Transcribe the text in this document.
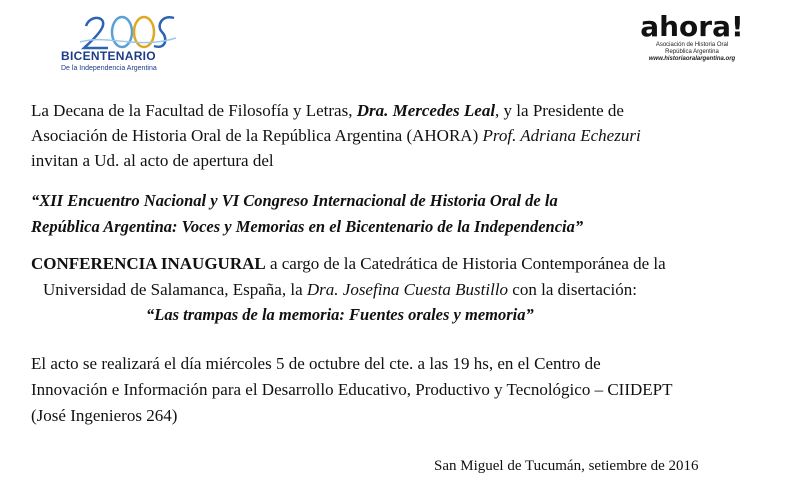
BICENTENARIO
De la Independencia Argentina
ahora!
Asociación de Historia Oral
República Argentina
www.historiaoralargentina.org
La Decana de la Facultad de Filosofía y Letras, Dra. Mercedes Leal, y la Presidente de
Asociación de Historia Oral de la República Argentina (AHORA) Prof. Adriana Echezuri
invitan a Ud. al acto de apertura del
“XII Encuentro Nacional y VI Congreso Internacional de Historia Oral de la
República Argentina: Voces y Memorias en el Bicentenario de la Independencia”
CONFERENCIA INAUGURAL a cargo de la Catedrática de Historia Contemporánea de la
Universidad de Salamanca, España, la Dra. Josefina Cuesta Bustillo con la disertación:
“Las trampas de la memoria: Fuentes orales y memoria”
El acto se realizará el día miércoles 5 de octubre del cte. a las 19 hs, en el Centro de
Innovación e Información para el Desarrollo Educativo, Productivo y Tecnológico – CIIDEPT
(José Ingenieros 264)
San Miguel de Tucumán, setiembre de 2016
